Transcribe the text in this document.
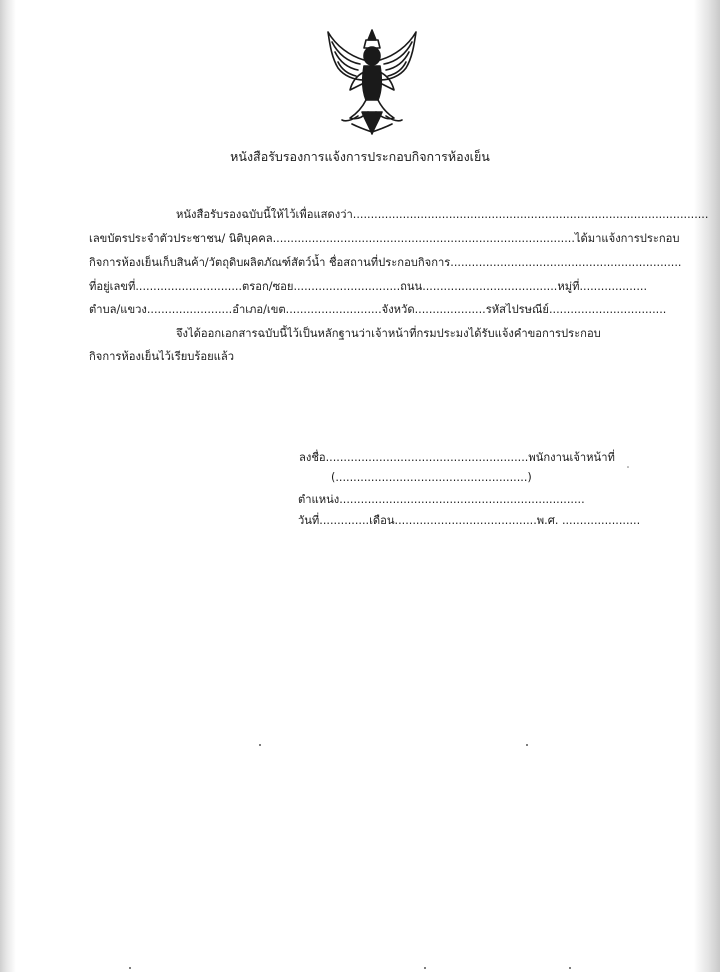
หนังสือรับรองการแจ้งการประกอบกิจการห้องเย็น
หนังสือรับรองฉบับนี้ให้ไว้เพื่อแสดงว่า....................................................................................................
เลขบัตรประจำตัวประชาชน/ นิติบุคคล.....................................................................................ได้มาแจ้งการประกอบ
กิจการห้องเย็นเก็บสินค้า/วัตถุดิบผลิตภัณฑ์สัตว์น้ำ ชื่อสถานที่ประกอบกิจการ.................................................................
ที่อยู่เลขที่..............................ตรอก/ซอย..............................ถนน......................................หมู่ที่...................
ตำบล/แขวง........................อำเภอ/เขต...........................จังหวัด....................รหัสไปรษณีย์.................................
จึงได้ออกเอกสารฉบับนี้ไว้เป็นหลักฐานว่าเจ้าหน้าที่กรมประมงได้รับแจ้งคำขอการประกอบ
กิจการห้องเย็นไว้เรียบร้อยแล้ว
ลงชื่อ.........................................................พนักงานเจ้าหน้าที่
(......................................................)
ตำแหน่ง.....................................................................
วันที่..............เดือน........................................พ.ศ. ......................
